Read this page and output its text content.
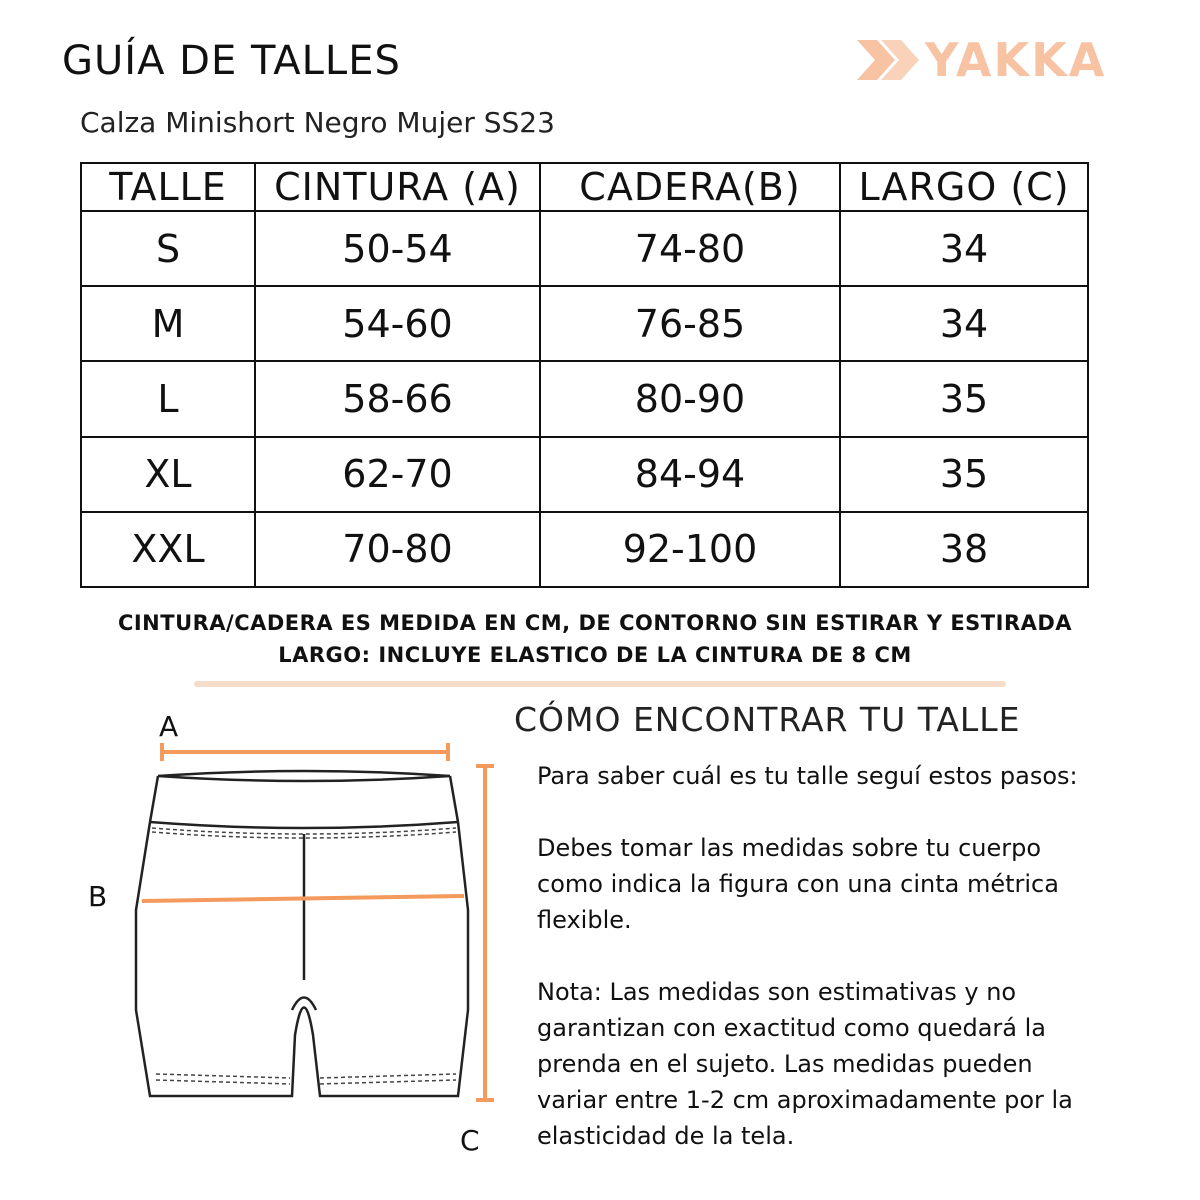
GUÍA DE TALLES
Calza Minishort Negro Mujer SS23
YAKKA
TALLE	CINTURA (A)	CADERA(B)	LARGO (C)
S	50-54	74-80	34
M	54-60	76-85	34
L	58-66	80-90	35
XL	62-70	84-94	35
XXL	70-80	92-100	38
CINTURA/CADERA ES MEDIDA EN CM, DE CONTORNO SIN ESTIRAR Y ESTIRADA
LARGO: INCLUYE ELASTICO DE LA CINTURA DE 8 CM
A
B
C
CÓMO ENCONTRAR TU TALLE

Para saber cuál es tu talle seguí estos pasos:

Debes tomar las medidas sobre tu cuerpo como indica la figura con una cinta métrica flexible.

Nota: Las medidas son estimativas y no garantizan con exactitud como quedará la prenda en el sujeto. Las medidas pueden variar entre 1-2 cm aproximadamente por la elasticidad de la tela.
